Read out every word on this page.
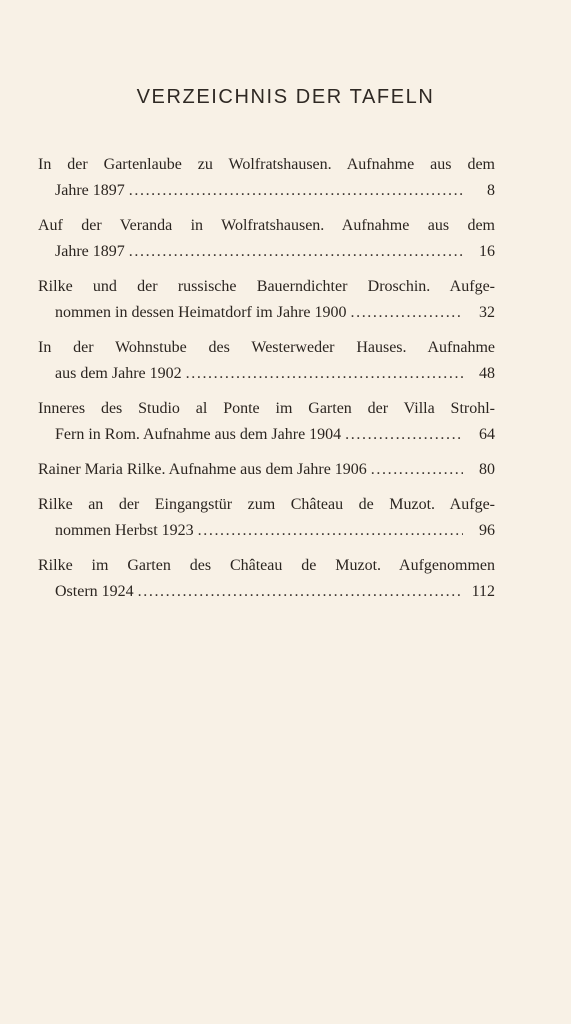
VERZEICHNIS DER TAFELN
In der Gartenlaube zu Wolfratshausen. Aufnahme aus dem
Jahre 1897 . . .	8
Auf der Veranda in Wolfratshausen. Aufnahme aus dem
Jahre 1897 . . .	16
Rilke und der russische Bauerndichter Droschin. Aufge-
nommen in dessen Heimatdorf im Jahre 1900 . . .	32
In der Wohnstube des Westerweder Hauses. Aufnahme
aus dem Jahre 1902 . . .	48
Inneres des Studio al Ponte im Garten der Villa Strohl-
Fern in Rom. Aufnahme aus dem Jahre 1904 . . .	64
Rainer Maria Rilke. Aufnahme aus dem Jahre 1906 . . .	80
Rilke an der Eingangstür zum Château de Muzot. Aufge-
nommen Herbst 1923 . . .	96
Rilke im Garten des Château de Muzot. Aufgenommen
Ostern 1924 . . .	112
